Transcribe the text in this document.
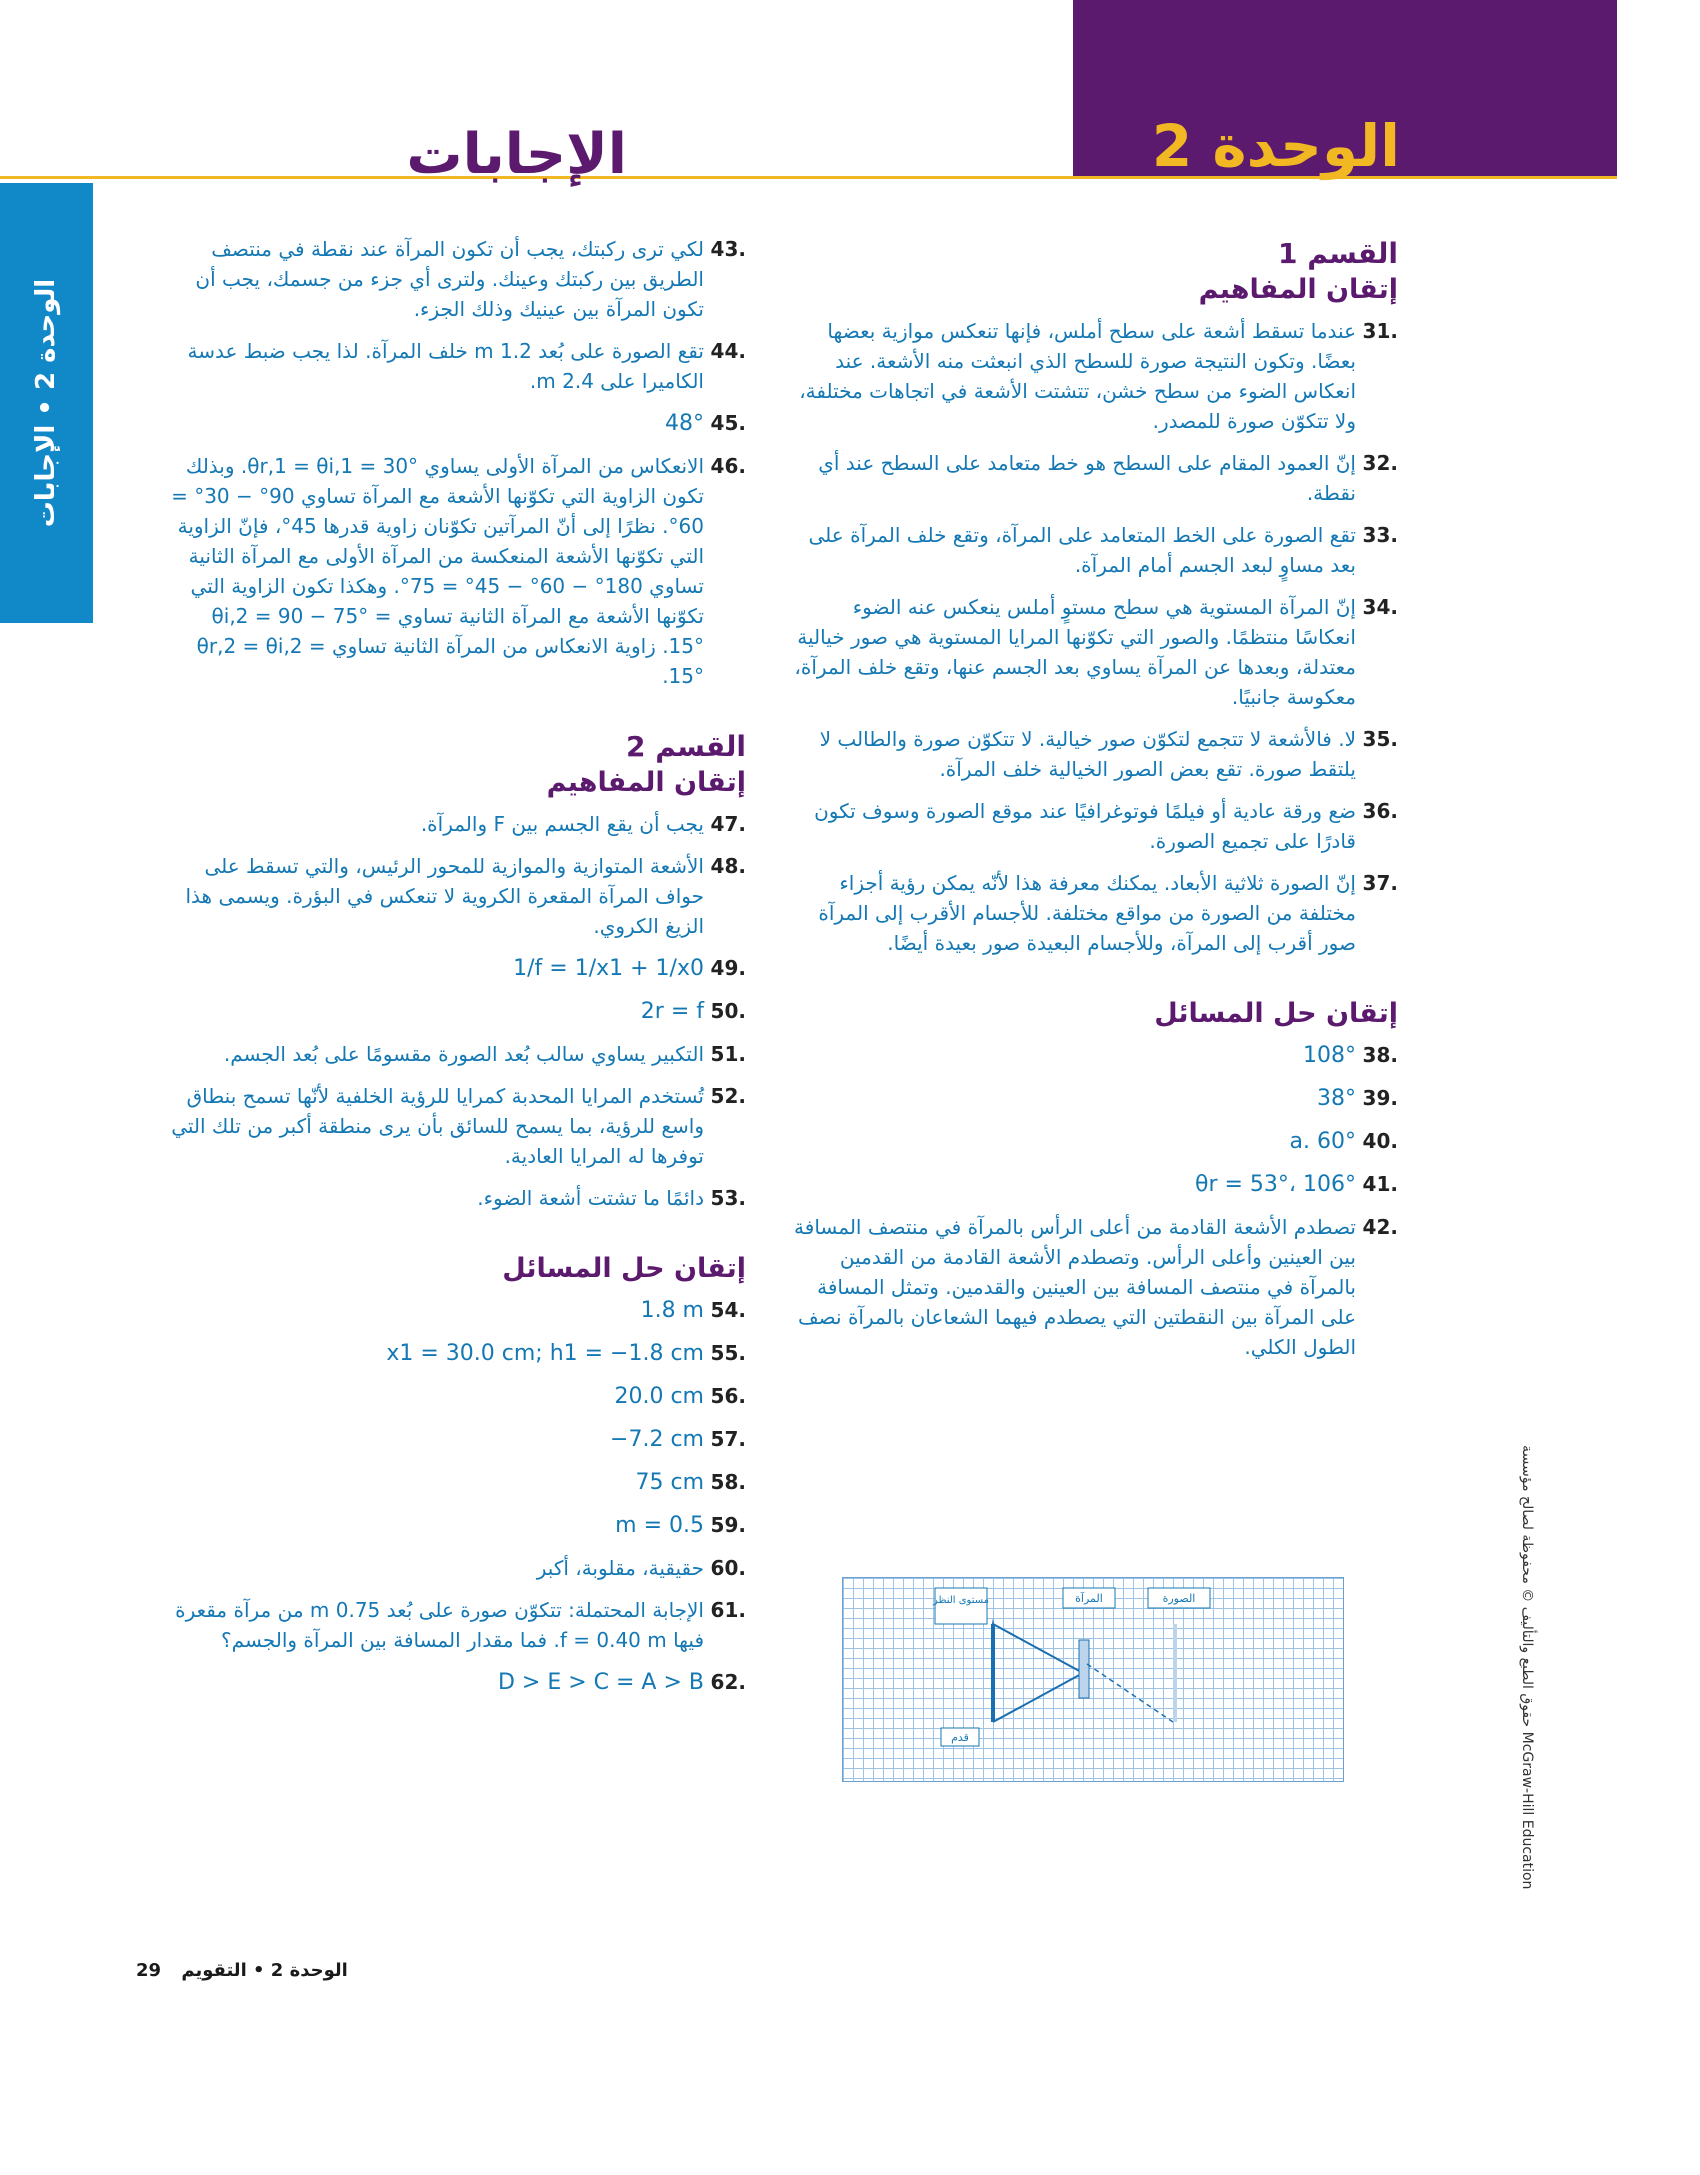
الوحدة 2
الإجابات
الوحدة 2 • الإجابات

القسم 1

إتقان المفاهيم

.31
عندما تسقط أشعة على سطح أملس، فإنها تنعكس موازية بعضها بعضًا. وتكون النتيجة صورة للسطح الذي انبعثت منه الأشعة. عند انعكاس الضوء من سطح خشن، تتشتت الأشعة في اتجاهات مختلفة، ولا تتكوّن صورة للمصدر.
.32
إنّ العمود المقام على السطح هو خط متعامد على السطح عند أي نقطة.
.33
تقع الصورة على الخط المتعامد على المرآة، وتقع خلف المرآة على بعد مساوٍ لبعد الجسم أمام المرآة.
.34
إنّ المرآة المستوية هي سطح مستوٍ أملس ينعكس عنه الضوء انعكاسًا منتظمًا. والصور التي تكوّنها المرايا المستوية هي صور خيالية معتدلة، وبعدها عن المرآة يساوي بعد الجسم عنها، وتقع خلف المرآة، معكوسة جانبيًا.
.35
لا. فالأشعة لا تتجمع لتكوّن صور خيالية. لا تتكوّن صورة والطالب لا يلتقط صورة. تقع بعض الصور الخيالية خلف المرآة.
.36
ضع ورقة عادية أو فيلمًا فوتوغرافيًا عند موقع الصورة وسوف تكون قادرًا على تجميع الصورة.
.37
إنّ الصورة ثلاثية الأبعاد. يمكنك معرفة هذا لأنّه يمكن رؤية أجزاء مختلفة من الصورة من مواقع مختلفة. للأجسام الأقرب إلى المرآة صور أقرب إلى المرآة، وللأجسام البعيدة صور بعيدة أيضًا.

إتقان حل المسائل

.38
108°
.39
38°
.40
a. 60°
.41
θr = 53°، 106°
.42
تصطدم الأشعة القادمة من أعلى الرأس بالمرآة في منتصف المسافة بين العينين وأعلى الرأس. وتصطدم الأشعة القادمة من القدمين بالمرآة في منتصف المسافة بين العينين والقدمين. وتمثل المسافة على المرآة بين النقطتين التي يصطدم فيهما الشعاعان بالمرآة نصف الطول الكلي.
مستوى النظر	المرآة	الصورة
قدم
.43
لكي ترى ركبتك، يجب أن تكون المرآة عند نقطة في منتصف الطريق بين ركبتك وعينك. ولترى أي جزء من جسمك، يجب أن تكون المرآة بين عينيك وذلك الجزء.
.44
تقع الصورة على بُعد 1.2 m خلف المرآة. لذا يجب ضبط عدسة الكاميرا على 2.4 m.
.45
48°
.46
الانعكاس من المرآة الأولى يساوي θr,1 = θi,1 = 30°. وبذلك تكون الزاوية التي تكوّنها الأشعة مع المرآة تساوي 90° − 30° = 60°. نظرًا إلى أنّ المرآتين تكوّنان زاوية قدرها 45°، فإنّ الزاوية التي تكوّنها الأشعة المنعكسة من المرآة الأولى مع المرآة الثانية تساوي 180° − 60° − 45° = 75°. وهكذا تكون الزاوية التي تكوّنها الأشعة مع المرآة الثانية تساوي θi,2 = 90 − 75° = 15°. زاوية الانعكاس من المرآة الثانية تساوي θr,2 = θi,2 = 15°.

القسم 2

إتقان المفاهيم

.47
يجب أن يقع الجسم بين F والمرآة.
.48
الأشعة المتوازية والموازية للمحور الرئيس، والتي تسقط على حواف المرآة المقعرة الكروية لا تنعكس في البؤرة. ويسمى هذا الزيغ الكروي.
.49
1/f = 1/x1 + 1/x0
.50
2r = f
.51
التكبير يساوي سالب بُعد الصورة مقسومًا على بُعد الجسم.
.52
تُستخدم المرايا المحدبة كمرايا للرؤية الخلفية لأنّها تسمح بنطاق واسع للرؤية، بما يسمح للسائق بأن يرى منطقة أكبر من تلك التي توفرها له المرايا العادية.
.53
دائمًا ما تشتت أشعة الضوء.

إتقان حل المسائل

.54
1.8 m
.55
x1 = 30.0 cm; h1 = −1.8 cm
.56
20.0 cm
.57
−7.2 cm
.58
75 cm
.59
m = 0.5
.60
حقيقية، مقلوبة، أكبر
.61
الإجابة المحتملة: تتكوّن صورة على بُعد 0.75 m من مرآة مقعرة فيها f = 0.40 m. فما مقدار المسافة بين المرآة والجسم؟
.62
D > E > C = A > B
29 الوحدة 2 • التقويم
حقوق الطبع والتأليف © محفوظة لصالح مؤسسة McGraw-Hill Education
